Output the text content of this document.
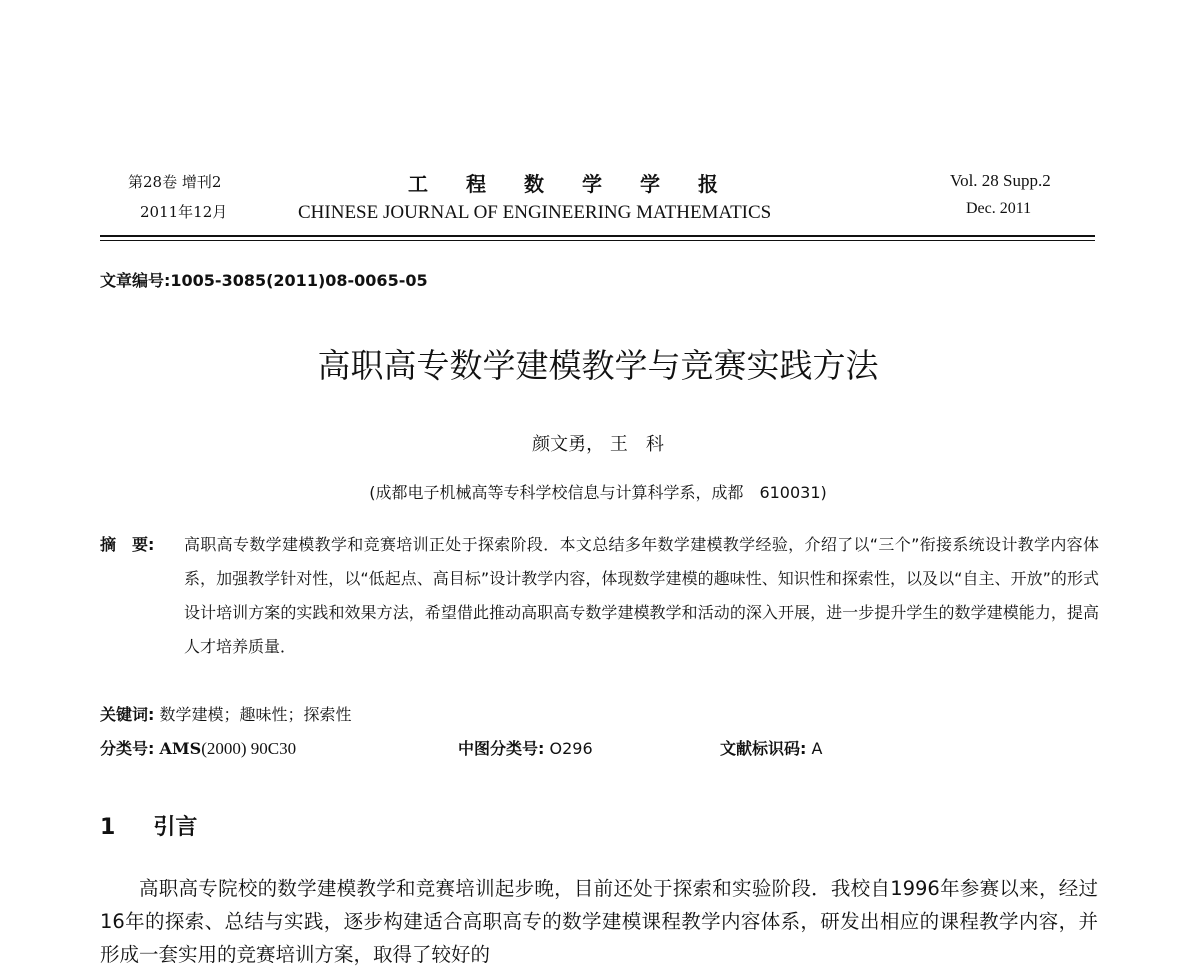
第28卷 增刊2
2011年12月
工程数学学报
CHINESE JOURNAL OF ENGINEERING MATHEMATICS
Vol. 28 Supp.2
Dec. 2011
文章编号:1005-3085(2011)08-0065-05
高职高专数学建模教学与竞赛实践方法
颜文勇， 王　科
(成都电子机械高等专科学校信息与计算科学系，成都　610031)
摘　要: 高职高专数学建模教学和竞赛培训正处于探索阶段．本文总结多年数学建模教学经验，介绍了以“三个”衔接系统设计教学内容体系，加强教学针对性，以“低起点、高目标”设计教学内容，体现数学建模的趣味性、知识性和探索性，以及以“自主、开放”的形式设计培训方案的实践和效果方法，希望借此推动高职高专数学建模教学和活动的深入开展，进一步提升学生的数学建模能力，提高人才培养质量．
关键词: 数学建模；趣味性；探索性
分类号: AMS(2000) 90C30	中图分类号: O296	文献标识码: A
1 引言
高职高专院校的数学建模教学和竞赛培训起步晚，目前还处于探索和实验阶段．我校自1996年参赛以来，经过16年的探索、总结与实践，逐步构建适合高职高专的数学建模课程教学内容体系，研发出相应的课程教学内容，并形成一套实用的竞赛培训方案，取得了较好的
